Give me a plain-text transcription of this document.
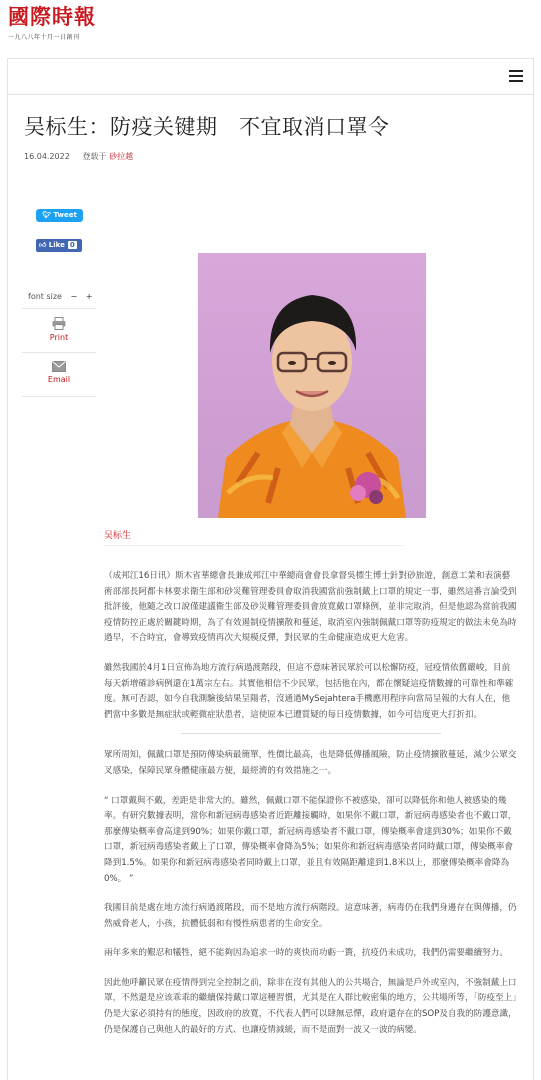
國際時報
一九八八年十月一日創刊
吴标生：防疫关键期　不宜取消口罩令
16.04.2022 登载于 砂拉越
🐦︎ Tweet
👍︎ Like 0
font size − +
Print
Email
吴标生

（成邦江16日讯）斯木省華總會長兼成邦江中華總商會會長拿督吳標生博士針對砂旅遊，創意工業和表演藝術部部長阿都卡林要求衛生部和砂災難管理委員會取消我國當前強制戴上口罩的規定一事，雖然這番言論受到批評後，他隨之改口說僅建議衛生部及砂災難管理委員會放寬戴口罩條例，並非完取消，但是他認為當前我國疫情防控正處於關鍵時期，為了有效遏制疫情擴散和蔓延，取消室內強制佩戴口罩等防疫規定的做法未免為時過早，不合時宜，會導致疫情再次大規模反彈，對民眾的生命健康造成更大危害。

雖然我國於4月1日宣佈為地方流行病過渡階段，但這不意味著民眾於可以松懈防疫，冠疫情依舊嚴峻，目前每天新增確診病例還在1萬宗左右。其實他相信不少民眾，包括他在內，都在懷疑這疫情數據的可靠性和準確度。無可否認，如今自我測驗後結果呈陽者，沒通過MySejahtera手機應用程序向當局呈報的大有人在，他們當中多數是無症狀或輕微症狀患者，這使原本已遭質疑的每日疫情數據，如今可信度更大打折扣。

眾所周知，佩戴口罩是預防傳染病最簡單，性價比最高，也是降低傳播風險，防止疫情擴散蔓延，減少公眾交叉感染，保障民眾身體健康最方便，最經濟的有效措施之一。

“ 口罩戴與不戴，差距是非常大的。雖然，佩戴口罩不能保證你不被感染，卻可以降低你和他人被感染的幾率。有研究數據表明，當你和新冠病毒感染者近距離接觸時，如果你不戴口罩，新冠病毒感染者也不戴口罩，那麼傳染概率會高達到90%；如果你戴口罩，新冠病毒感染者不戴口罩，傳染概率會達到30%；如果你不戴口罩，新冠病毒感染者戴上了口罩，傳染概率會降為5%；如果你和新冠病毒感染者同時戴口罩，傳染概率會降到1.5%。如果你和新冠病毒感染者同時戴上口罩，並且有效隔距離達到1.8米以上，那麼傳染概率會降為0%。 ”

我國目前是處在地方流行病過渡階段，而不是地方流行病階段。這意味著，病毒仍在我們身邊存在與傳播，仍然威脅老人，小孩，抗體低弱和有慢性病患者的生命安全。

兩年多來的艱忍和犧牲，絕不能夠因為追求一時的爽快而功虧一簣，抗疫仍未成功，我們仍需要繼續努力。

因此他呼籲民眾在疫情得到完全控制之前，除非在沒有其他人的公共場合，無論是戶外或室內，不強制戴上口罩，不然還是应该乖乖的繼續保持戴口罩這種習慣，尤其是在人群比較密集的地方，公共場所等，「防疫至上」仍是大家必須持有的態度，因政府的放寬，不代表人們可以肆無忌憚，政府還存在的SOP及自我的防護意識，仍是保護自己與他人的最好的方式、也讓疫情減緩，而不是面對一波又一波的病變。
